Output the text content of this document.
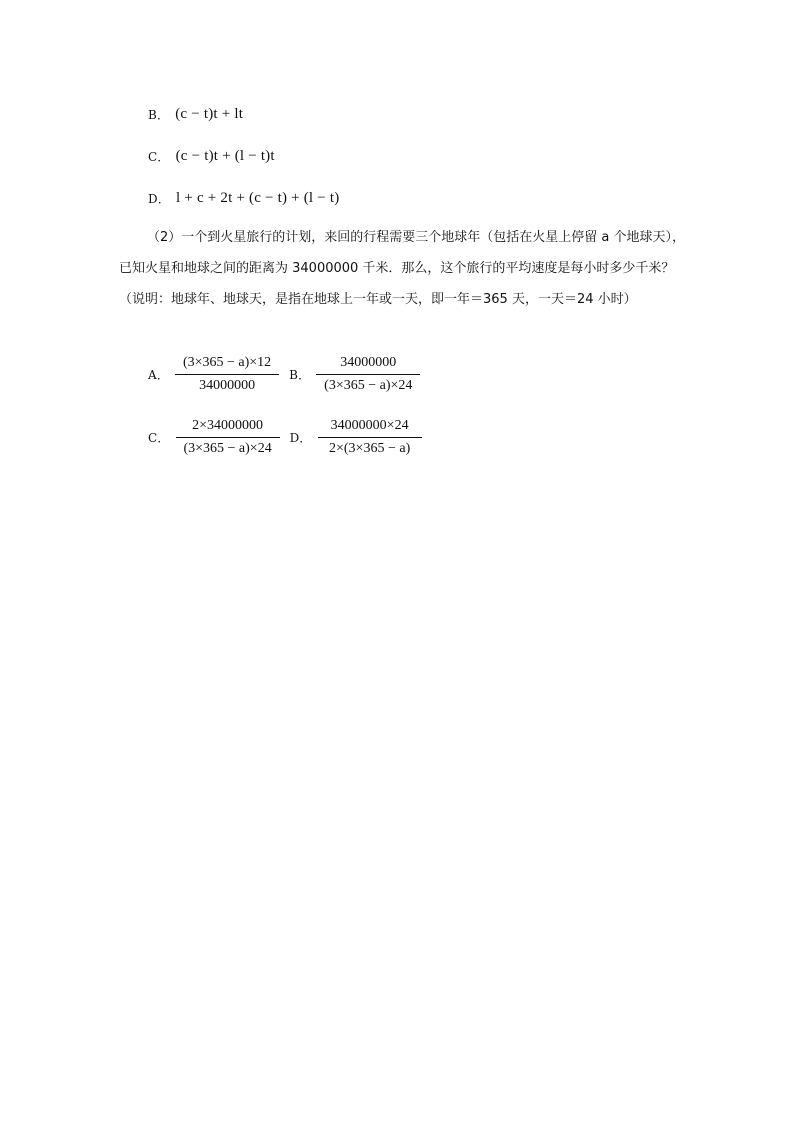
B． (c − t)t + lt
C． (c − t)t + (l − t)t
D． l + c + 2t + (c − t) + (l − t)
（2）一个到火星旅行的计划，来回的行程需要三个地球年（包括在火星上停留 a 个地球天），已知火星和地球之间的距离为 34000000 千米．那么，这个旅行的平均速度是每小时多少千米？（说明：地球年、地球天，是指在地球上一年或一天，即一年＝365 天，一天＝24 小时）
A． $\frac{(3\times 365 - a)\times 12}{34000000}$ B． $\frac{34000000}{(3\times 365 - a)\times 24}$
C． $\frac{2\times 34000000}{(3\times 365 - a)\times 24}$ D． $\frac{34000000\times 24}{2\times(3\times 365 - a)}$
